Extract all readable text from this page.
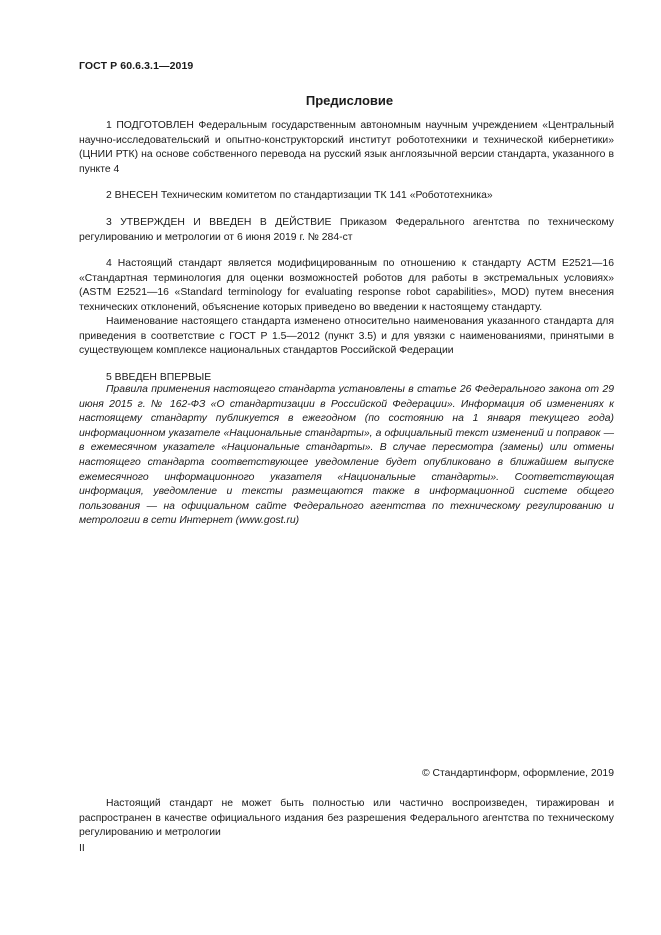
ГОСТ Р 60.6.3.1—2019
Предисловие
1 ПОДГОТОВЛЕН Федеральным государственным автономным научным учреждением «Центральный научно-исследовательский и опытно-конструкторский институт робототехники и технической кибернетики» (ЦНИИ РТК) на основе собственного перевода на русский язык англоязычной версии стандарта, указанного в пункте 4
2 ВНЕСЕН Техническим комитетом по стандартизации ТК 141 «Робототехника»
3 УТВЕРЖДЕН И ВВЕДЕН В ДЕЙСТВИЕ Приказом Федерального агентства по техническому регулированию и метрологии от 6 июня 2019 г. № 284-ст
4 Настоящий стандарт является модифицированным по отношению к стандарту АСТМ Е2521—16 «Стандартная терминология для оценки возможностей роботов для работы в экстремальных условиях» (ASTM E2521—16 «Standard terminology for evaluating response robot capabilities», MOD) путем внесения технических отклонений, объяснение которых приведено во введении к настоящему стандарту.
Наименование настоящего стандарта изменено относительно наименования указанного стандарта для приведения в соответствие с ГОСТ Р 1.5—2012 (пункт 3.5) и для увязки с наименованиями, принятыми в существующем комплексе национальных стандартов Российской Федерации
5 ВВЕДЕН ВПЕРВЫЕ
Правила применения настоящего стандарта установлены в статье 26 Федерального закона от 29 июня 2015 г. № 162-ФЗ «О стандартизации в Российской Федерации». Информация об изменениях к настоящему стандарту публикуется в ежегодном (по состоянию на 1 января текущего года) информационном указателе «Национальные стандарты», а официальный текст изменений и поправок — в ежемесячном указателе «Национальные стандарты». В случае пересмотра (замены) или отмены настоящего стандарта соответствующее уведомление будет опубликовано в ближайшем выпуске ежемесячного информационного указателя «Национальные стандарты». Соответствующая информация, уведомление и тексты размещаются также в информационной системе общего пользования — на официальном сайте Федерального агентства по техническому регулированию и метрологии в сети Интернет (www.gost.ru)
© Стандартинформ, оформление, 2019
Настоящий стандарт не может быть полностью или частично воспроизведен, тиражирован и распространен в качестве официального издания без разрешения Федерального агентства по техническому регулированию и метрологии
II
